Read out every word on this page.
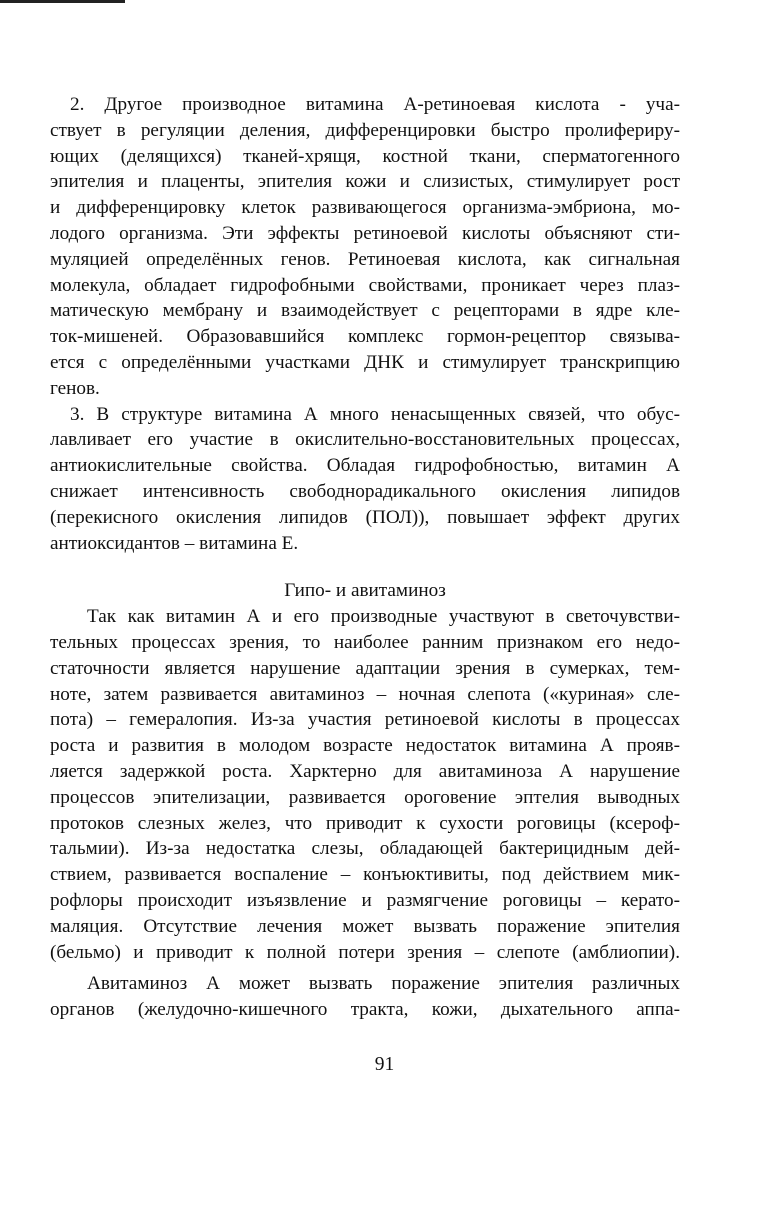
2. Другое производное витамина А-ретиноевая кислота - уча-
ствует в регуляции деления, дифференцировки быстро пролифериру-
ющих (делящихся) тканей-хрящя, костной ткани, сперматогенного
эпителия и плаценты, эпителия кожи и слизистых, стимулирует рост
и дифференцировку клеток развивающегося организма-эмбриона, мо-
лодого организма. Эти эффекты ретиноевой кислоты объясняют сти-
муляцией определённых генов. Ретиноевая кислота, как сигнальная
молекула, обладает гидрофобными свойствами, проникает через плаз-
матическую мембрану и взаимодействует с рецепторами в ядре кле-
ток-мишеней. Образовавшийся комплекс гормон-рецептор связыва-
ется с определёнными участками ДНК и стимулирует транскрипцию
генов.
3. В структуре витамина А много ненасыщенных связей, что обус-
лавливает его участие в окислительно-восстановительных процессах,
антиокислительные свойства. Обладая гидрофобностью, витамин А
снижает интенсивность свободнорадикального окисления липидов
(перекисного окисления липидов (ПОЛ)), повышает эффект других
антиоксидантов – витамина Е.
Гипо- и авитаминоз
Так как витамин А и его производные участвуют в светочувстви-
тельных процессах зрения, то наиболее ранним признаком его недо-
статочности является нарушение адаптации зрения в сумерках, тем-
ноте, затем развивается авитаминоз – ночная слепота («куриная» сле-
пота) – гемералопия. Из-за участия ретиноевой кислоты в процессах
роста и развития в молодом возрасте недостаток витамина А прояв-
ляется задержкой роста. Харктерно для авитаминоза А нарушение
процессов эпителизации, развивается ороговение эптелия выводных
протоков слезных желез, что приводит к сухости роговицы (ксероф-
тальмии). Из-за недостатка слезы, обладающей бактерицидным дей-
ствием, развивается воспаление – конъюктивиты, под действием мик-
рофлоры происходит изъязвление и размягчение роговицы – керато-
маляция. Отсутствие лечения может вызвать поражение эпителия
(бельмо) и приводит к полной потери зрения – слепоте (амблиопии).
Авитаминоз А может вызвать поражение эпителия различных
органов (желудочно-кишечного тракта, кожи, дыхательного аппа-
91
